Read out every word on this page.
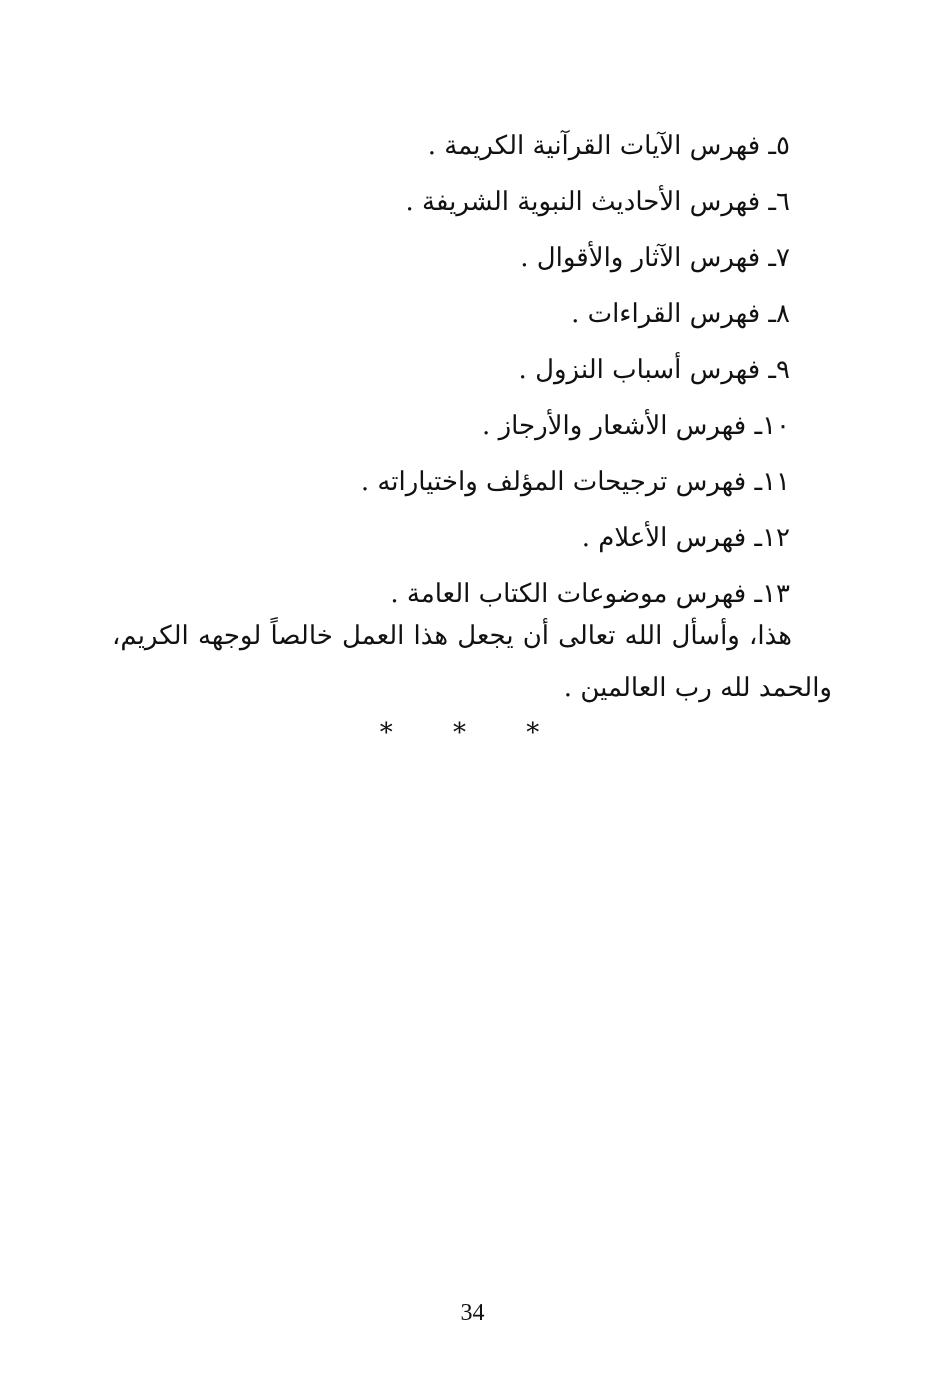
٥ـ فهرس الآيات القرآنية الكريمة .
٦ـ فهرس الأحاديث النبوية الشريفة .
٧ـ فهرس الآثار والأقوال .
٨ـ فهرس القراءات .
٩ـ فهرس أسباب النزول .
١٠ـ فهرس الأشعار والأرجاز .
١١ـ فهرس ترجيحات المؤلف واختياراته .
١٢ـ فهرس الأعلام .
١٣ـ فهرس موضوعات الكتاب العامة .
هذا، وأسأل الله تعالى أن يجعل هذا العمل خالصاً لوجهه الكريم،
والحمد لله رب العالمين .
* * *
34
